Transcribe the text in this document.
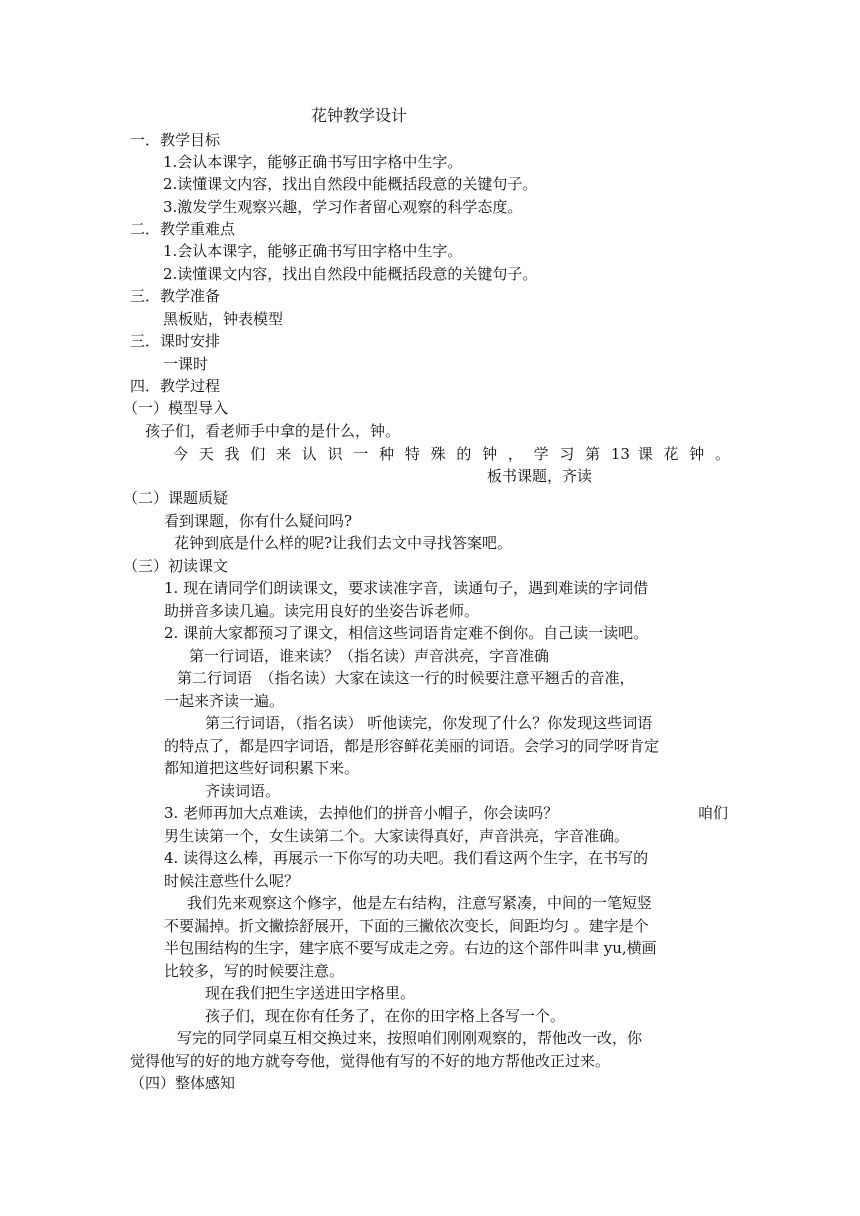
花钟教学设计
一．教学目标
1.会认本课字，能够正确书写田字格中生字。
2.读懂课文内容，找出自然段中能概括段意的关键句子。
3.激发学生观察兴趣，学习作者留心观察的科学态度。
二．教学重难点
1.会认本课字，能够正确书写田字格中生字。
2.读懂课文内容，找出自然段中能概括段意的关键句子。
三．教学准备
黑板贴，钟表模型
三．课时安排
一课时
四．教学过程
（一）模型导入
孩子们，看老师手中拿的是什么，钟。
今 天 我 们 来 认 识 一 种 特 殊 的 钟 ， 学 习 第 13 课 花 钟 。
板书课题，齐读
（二）课题质疑
看到课题，你有什么疑问吗?
花钟到底是什么样的呢?让我们去文中寻找答案吧。
（三）初读课文
1. 现在请同学们朗读课文，要求读准字音，读通句子，遇到难读的字词借
助拼音多读几遍。读完用良好的坐姿告诉老师。
2. 课前大家都预习了课文，相信这些词语肯定难不倒你。自己读一读吧。
第一行词语，谁来读？（指名读）声音洪亮，字音准确
第二行词语　（指名读）大家在读这一行的时候要注意平翘舌的音准，
一起来齐读一遍。
第三行词语，（指名读） 听他读完，你发现了什么？你发现这些词语
的特点了，都是四字词语，都是形容鲜花美丽的词语。会学习的同学呀肯定
都知道把这些好词积累下来。
齐读词语。
3. 老师再加大点难读，去掉他们的拼音小帽子，你会读吗？	咱们
男生读第一个，女生读第二个。大家读得真好，声音洪亮，字音准确。
4. 读得这么棒，再展示一下你写的功夫吧。我们看这两个生字，在书写的
时候注意些什么呢？
我们先来观察这个修字，他是左右结构，注意写紧凑，中间的一笔短竖
不要漏掉。折文撇捺舒展开，下面的三撇依次变长，间距均匀 。建字是个
半包围结构的生字，建字底不要写成走之旁。右边的这个部件叫聿 yu,横画
比较多，写的时候要注意。
现在我们把生字送进田字格里。
孩子们，现在你有任务了，在你的田字格上各写一个。
写完的同学同桌互相交换过来，按照咱们刚刚观察的，帮他改一改，你
觉得他写的好的地方就夸夸他，觉得他有写的不好的地方帮他改正过来。
（四）整体感知
